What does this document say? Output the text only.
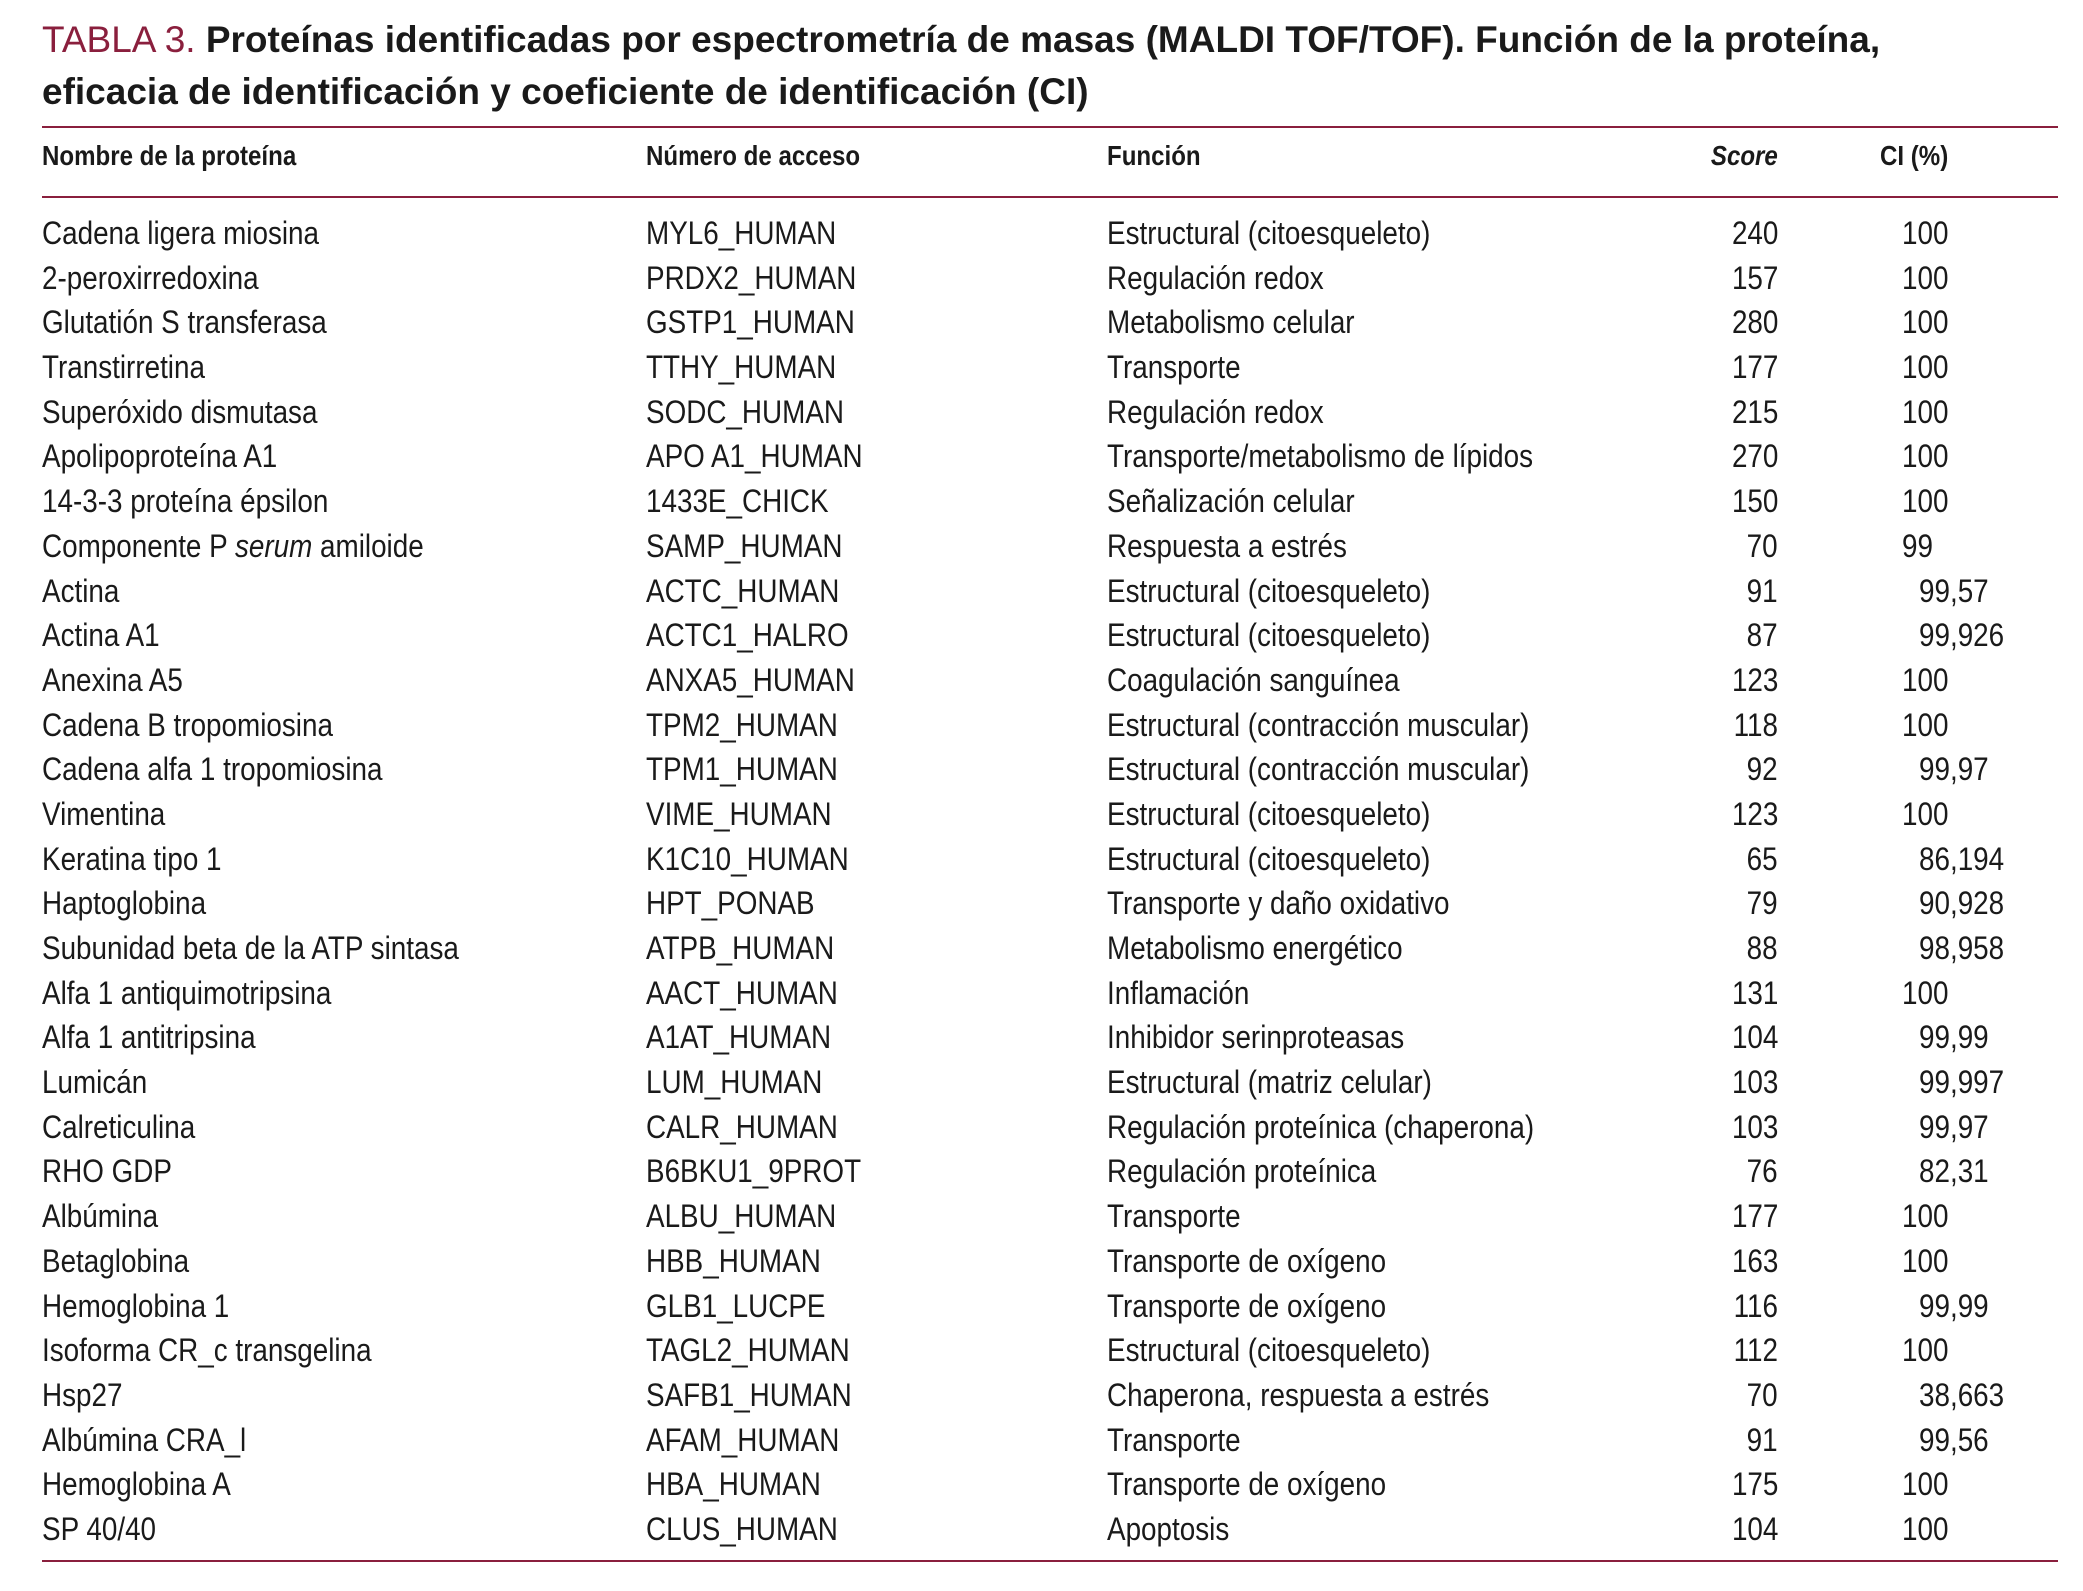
TABLA 3. Proteínas identificadas por espectrometría de masas (MALDI TOF/TOF). Función de la proteína,
eficacia de identificación y coeficiente de identificación (CI)
Nombre de la proteína	Número de acceso	Función	Score	CI (%)
Cadena ligera miosina	MYL6_HUMAN	Estructural (citoesqueleto)	240	100
2-peroxirredoxina	PRDX2_HUMAN	Regulación redox	157	100
Glutatión S transferasa	GSTP1_HUMAN	Metabolismo celular	280	100
Transtirretina	TTHY_HUMAN	Transporte	177	100
Superóxido dismutasa	SODC_HUMAN	Regulación redox	215	100
Apolipoproteína A1	APO A1_HUMAN	Transporte/metabolismo de lípidos	270	100
14-3-3 proteína épsilon	1433E_CHICK	Señalización celular	150	100
Componente P serum amiloide	SAMP_HUMAN	Respuesta a estrés	70	99
Actina	ACTC_HUMAN	Estructural (citoesqueleto)	91	99,57
Actina A1	ACTC1_HALRO	Estructural (citoesqueleto)	87	99,926
Anexina A5	ANXA5_HUMAN	Coagulación sanguínea	123	100
Cadena B tropomiosina	TPM2_HUMAN	Estructural (contracción muscular)	118	100
Cadena alfa 1 tropomiosina	TPM1_HUMAN	Estructural (contracción muscular)	92	99,97
Vimentina	VIME_HUMAN	Estructural (citoesqueleto)	123	100
Keratina tipo 1	K1C10_HUMAN	Estructural (citoesqueleto)	65	86,194
Haptoglobina	HPT_PONAB	Transporte y daño oxidativo	79	90,928
Subunidad beta de la ATP sintasa	ATPB_HUMAN	Metabolismo energético	88	98,958
Alfa 1 antiquimotripsina	AACT_HUMAN	Inflamación	131	100
Alfa 1 antitripsina	A1AT_HUMAN	Inhibidor serinproteasas	104	99,99
Lumicán	LUM_HUMAN	Estructural (matriz celular)	103	99,997
Calreticulina	CALR_HUMAN	Regulación proteínica (chaperona)	103	99,97
RHO GDP	B6BKU1_9PROT	Regulación proteínica	76	82,31
Albúmina	ALBU_HUMAN	Transporte	177	100
Betaglobina	HBB_HUMAN	Transporte de oxígeno	163	100
Hemoglobina 1	GLB1_LUCPE	Transporte de oxígeno	116	99,99
Isoforma CR_c transgelina	TAGL2_HUMAN	Estructural (citoesqueleto)	112	100
Hsp27	SAFB1_HUMAN	Chaperona, respuesta a estrés	70	38,663
Albúmina CRA_l	AFAM_HUMAN	Transporte	91	99,56
Hemoglobina A	HBA_HUMAN	Transporte de oxígeno	175	100
SP 40/40	CLUS_HUMAN	Apoptosis	104	100
